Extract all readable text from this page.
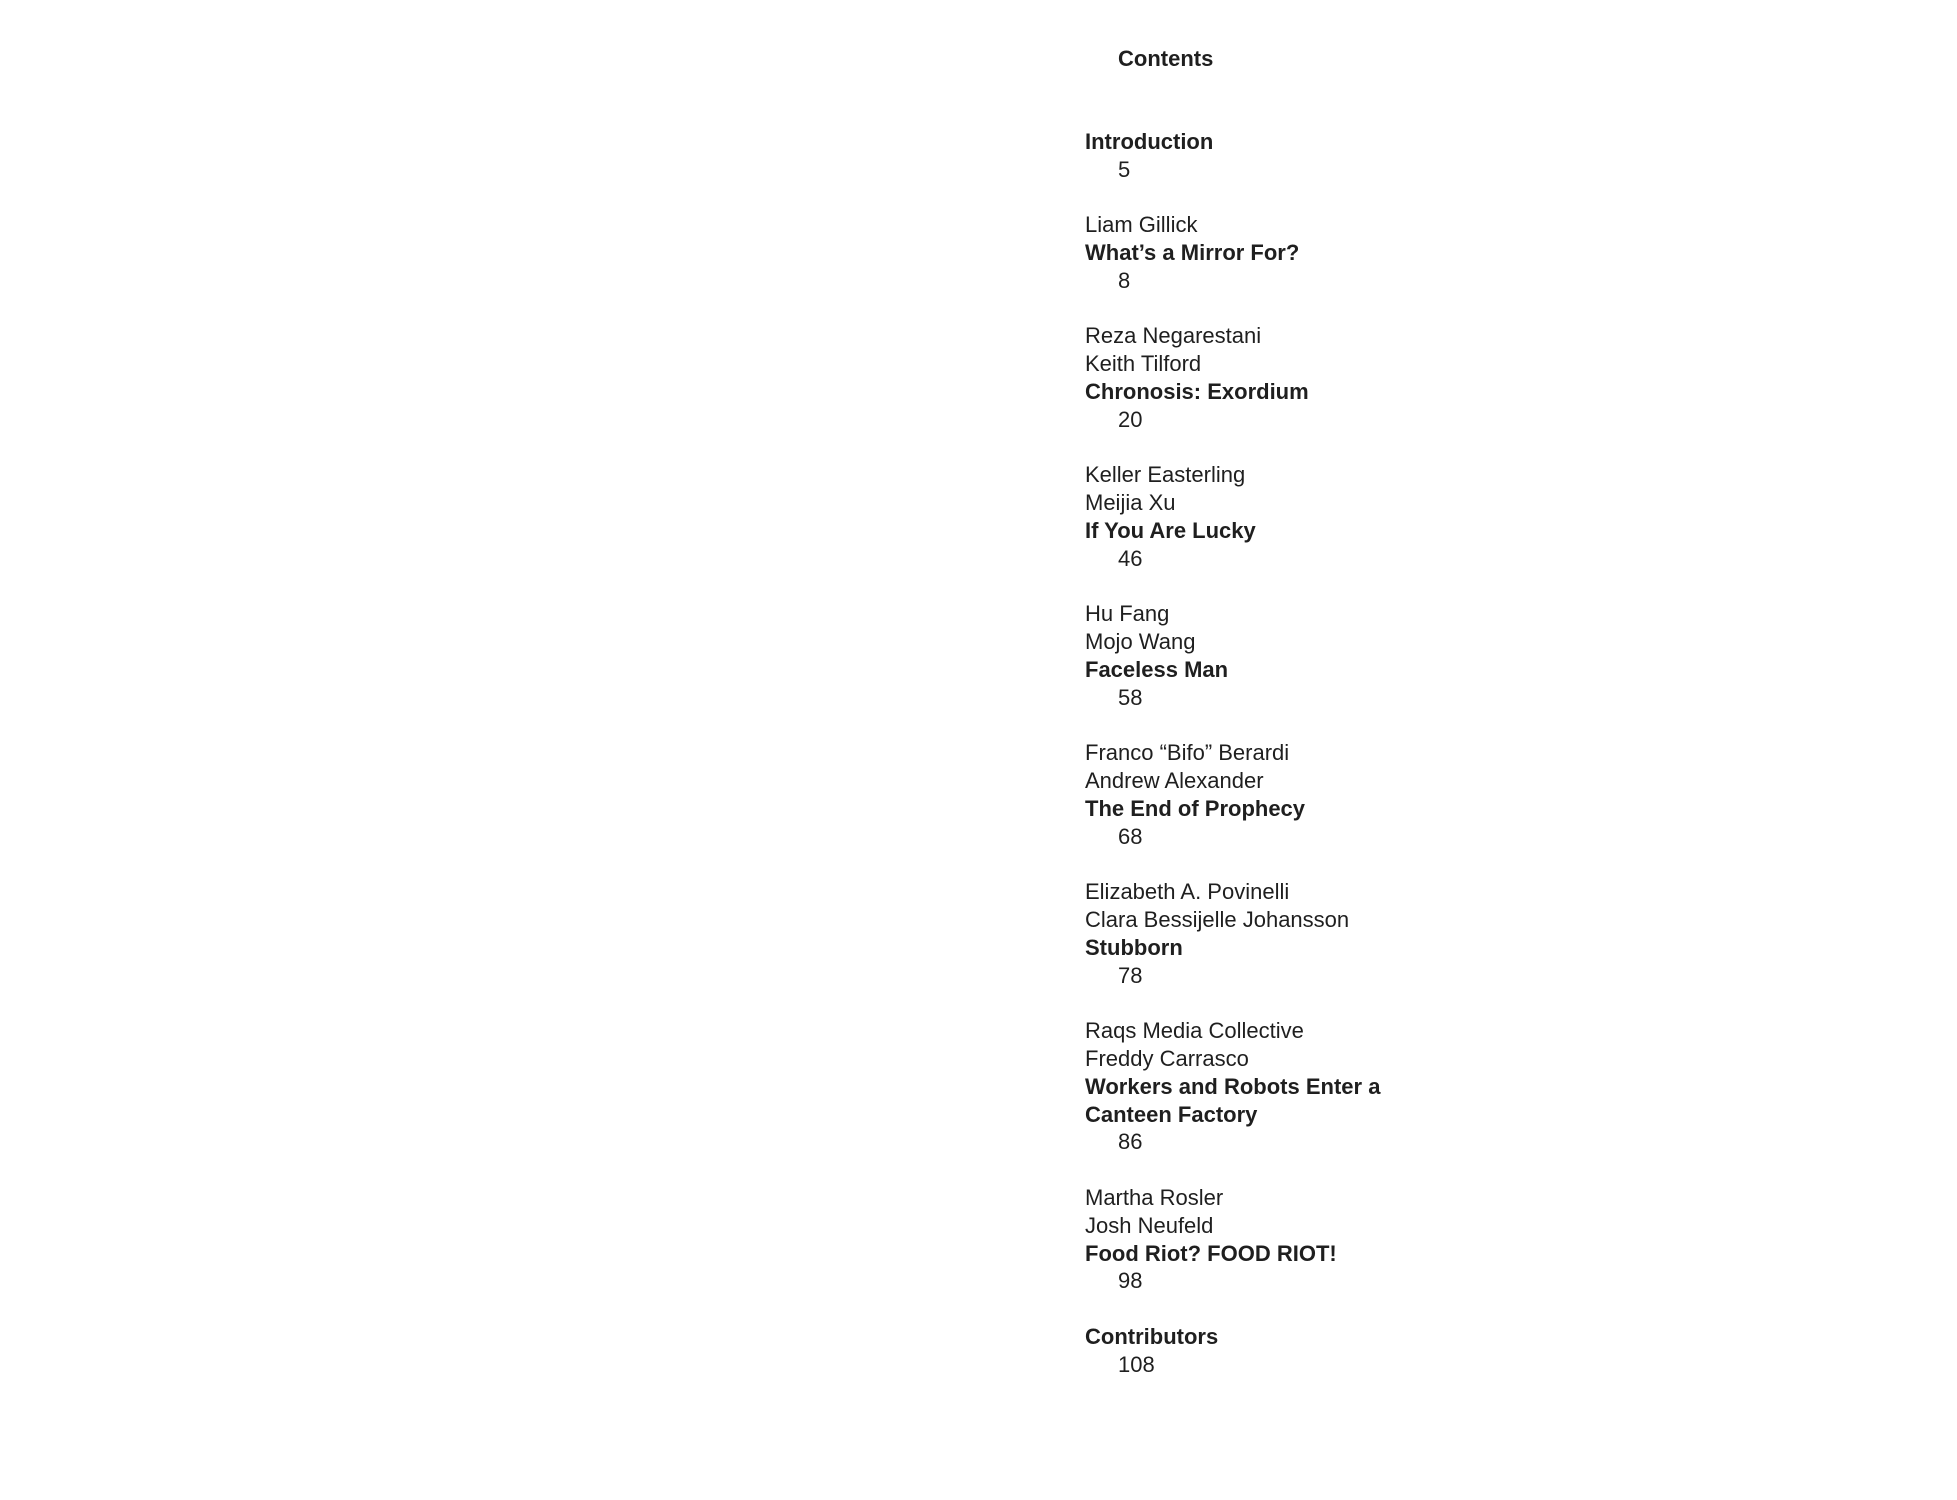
Contents
Introduction
5
Liam Gillick
What’s a Mirror For?
8
Reza Negarestani
Keith Tilford
Chronosis: Exordium
20
Keller Easterling
Meijia Xu
If You Are Lucky
46
Hu Fang
Mojo Wang
Faceless Man
58
Franco “Bifo” Berardi
Andrew Alexander
The End of Prophecy
68
Elizabeth A. Povinelli
Clara Bessijelle Johansson
Stubborn
78
Raqs Media Collective
Freddy Carrasco
Workers and Robots Enter a
Canteen Factory
86
Martha Rosler
Josh Neufeld
Food Riot? FOOD RIOT!
98
Contributors
108
